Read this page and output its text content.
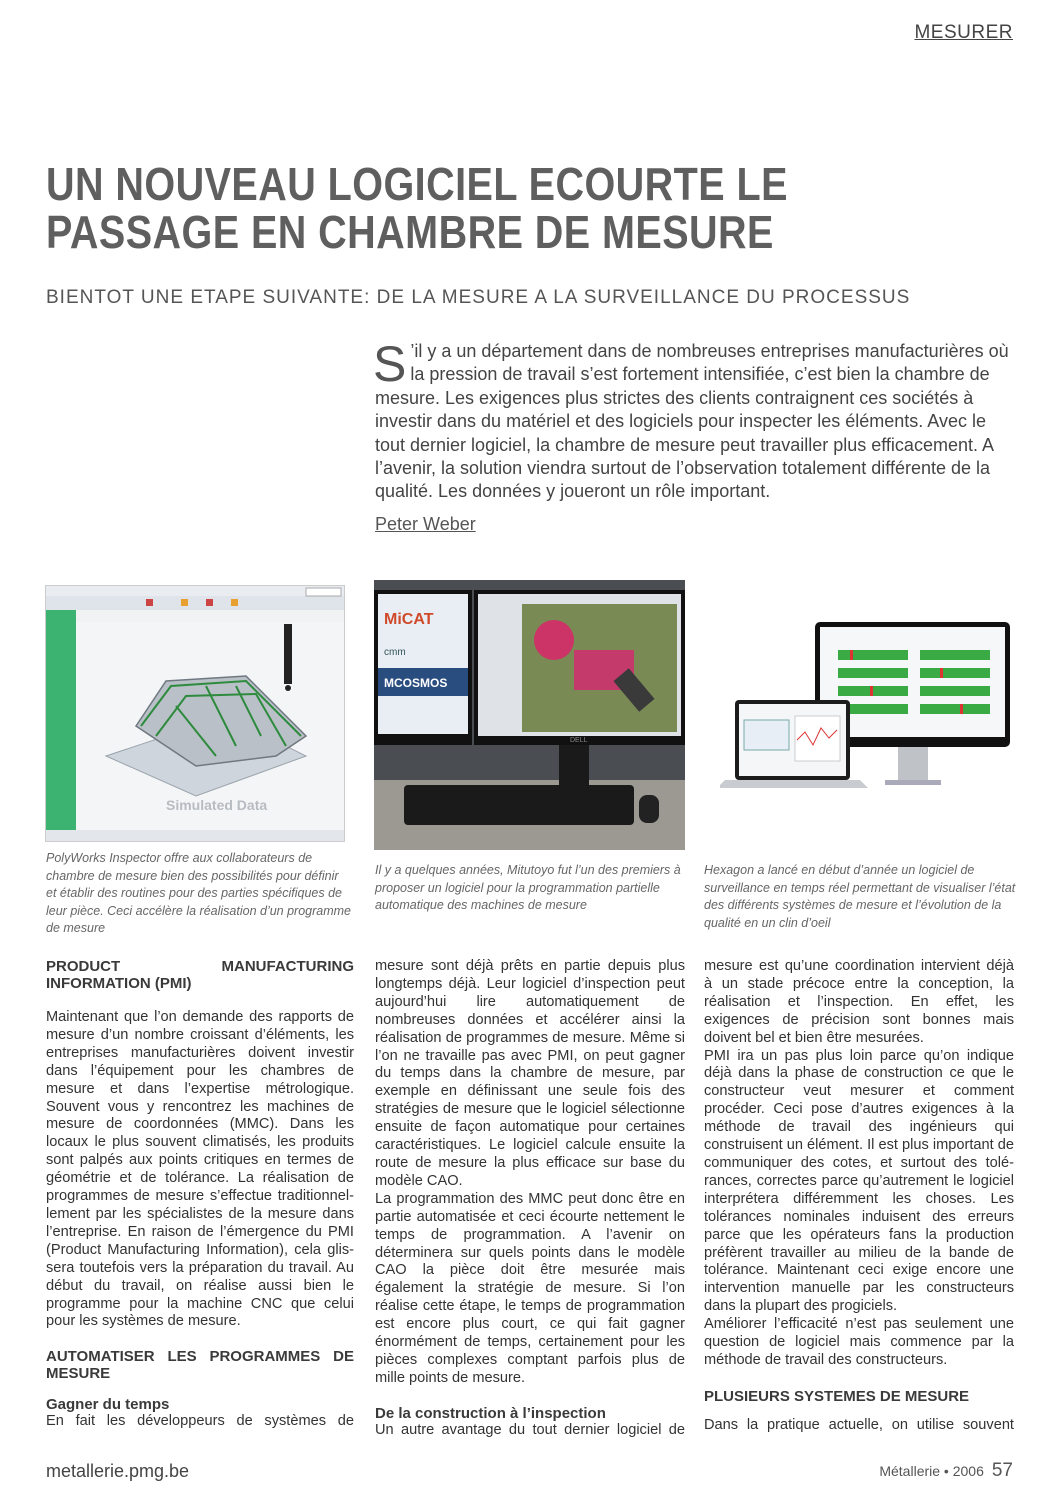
MESURER
UN NOUVEAU LOGICIEL ECOURTE LE
PASSAGE EN CHAMBRE DE MESURE
BIENTOT UNE ETAPE SUIVANTE: DE LA MESURE A LA SURVEILLANCE DU PROCESSUS
S ’il y a un département dans de nombreuses entreprises manufacturières où la pression de travail s’est fortement intensifiée, c’est bien la chambre de mesure. Les exigences plus strictes des clients contraignent ces sociétés à investir dans du matériel et des logiciels pour inspecter les éléments. Avec le tout dernier logiciel, la chambre de mesure peut travailler plus efficacement. A l’avenir, la solution viendra surtout de l’observation totalement différente de la qualité. Les données y joueront un rôle important.
Peter Weber
Simulated Data
PolyWorks Inspector offre aux collaborateurs de chambre de mesure bien des possibilités pour définir et établir des routines pour des parties spécifiques de leur pièce. Ceci accélère la réalisation d’un programme de mesure
MiCAT
cmm
MCOSMOS
DELL
Il y a quelques années, Mitutoyo fut l’un des premiers à proposer un logiciel pour la programmation partielle automatique des machines de mesure
Hexagon a lancé en début d’année un logiciel de surveillance en temps réel permettant de visualiser l’état des différents systèmes de mesure et l’évolution de la qualité en un clin d’oeil

PRODUCT MANUFACTURING INFORMATION (PMI)

Maintenant que l’on demande des rapports de mesure d’un nombre croissant d’éléments, les entreprises manufacturières doivent investir dans l’équipement pour les chambres de mesure et dans l’expertise métrologique. Souvent vous y rencontrez les machines de mesure de coordonnées (MMC). Dans les locaux le plus souvent climatisés, les produits sont palpés aux points critiques en termes de géométrie et de tolérance. La réalisation de programmes de mesure s’effectue traditionnellement par les spécialistes de la mesure dans l’entreprise. En raison de l’émergence du PMI (Product Manufacturing Information), cela glissera toutefois vers la préparation du travail. Au début du travail, on réalise aussi bien le programme pour la machine CNC que celui pour les systèmes de mesure.

AUTOMATISER LES PROGRAMMES DE MESURE

Gagner du temps

En fait les développeurs de systèmes de

mesure sont déjà prêts en partie depuis plus longtemps déjà. Leur logiciel d’inspection peut aujourd’hui lire automatiquement de nombreuses données et accélérer ainsi la réalisation de programmes de mesure. Même si l’on ne travaille pas avec PMI, on peut gagner du temps dans la chambre de mesure, par exemple en définissant une seule fois des stratégies de mesure que le logiciel sélectionne ensuite de façon automatique pour certaines caractéristiques. Le logiciel calcule ensuite la route de mesure la plus efficace sur base du modèle CAO.

La programmation des MMC peut donc être en partie automatisée et ceci écourte nettement le temps de programmation. A l’avenir on déterminera sur quels points dans le modèle CAO la pièce doit être mesurée mais également la stratégie de mesure. Si l’on réalise cette étape, le temps de programmation est encore plus court, ce qui fait gagner énormément de temps, certainement pour les pièces complexes comptant parfois plus de mille points de mesure.

De la construction à l’inspection

Un autre avantage du tout dernier logiciel de

mesure est qu’une coordination intervient déjà à un stade précoce entre la conception, la réalisation et l’inspection. En effet, les exigences de précision sont bonnes mais doivent bel et bien être mesurées.

PMI ira un pas plus loin parce qu’on indique déjà dans la phase de construction ce que le constructeur veut mesurer et comment procéder. Ceci pose d’autres exigences à la méthode de travail des ingénieurs qui construisent un élément. Il est plus important de communiquer des cotes, et surtout des tolérances, correctes parce qu’autrement le logiciel interprétera différemment les choses. Les tolérances nominales induisent des erreurs parce que les opérateurs fans la production préfèrent travailler au milieu de la bande de tolérance. Maintenant ceci exige encore une intervention manuelle par les constructeurs dans la plupart des progiciels.

Améliorer l’efficacité n’est pas seulement une question de logiciel mais commence par la méthode de travail des constructeurs.

PLUSIEURS SYSTEMES DE MESURE

Dans la pratique actuelle, on utilise souvent

metallerie.pmg.be	Métallerie • 2006 57
